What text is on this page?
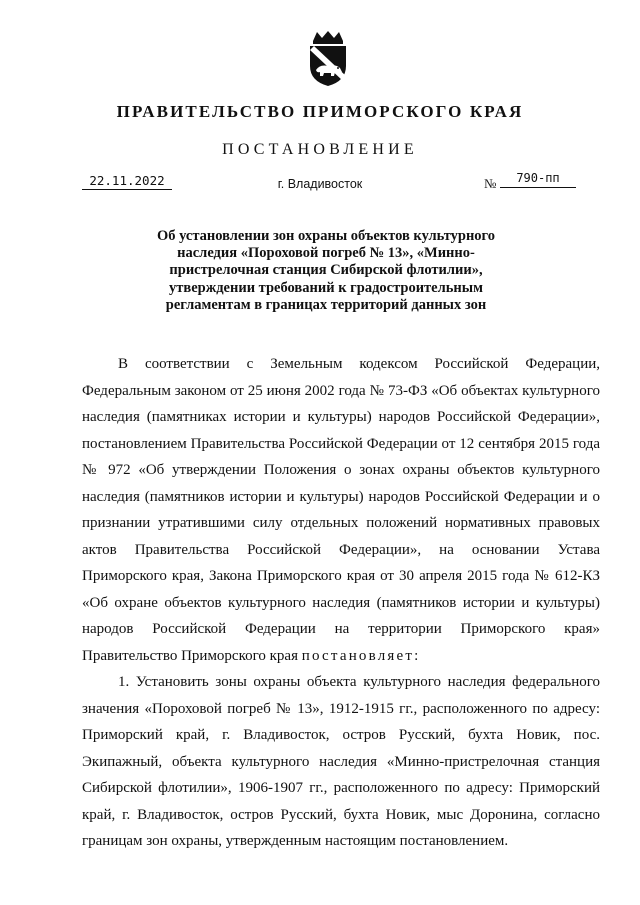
ПРАВИТЕЛЬСТВО ПРИМОРСКОГО КРАЯ
ПОСТАНОВЛЕНИЕ
22.11.2022	г. Владивосток	№	790-пп
Об установлении зон охраны объектов культурного наследия «Пороховой погреб № 13», «Минно-пристрелочная станция Сибирской флотилии», утверждении требований к градостроительным регламентам в границах территорий данных зон

В соответствии с Земельным кодексом Российской Федерации, Федеральным законом от 25 июня 2002 года № 73-ФЗ «Об объектах культурного наследия (памятниках истории и культуры) народов Российской Федерации», постановлением Правительства Российской Федерации от 12 сентября 2015 года № 972 «Об утверждении Положения о зонах охраны объектов культурного наследия (памятников истории и культуры) народов Российской Федерации и о признании утратившими силу отдельных положений нормативных правовых актов Правительства Российской Федерации», на основании Устава Приморского края, Закона Приморского края от 30 апреля 2015 года № 612-КЗ «Об охране объектов культурного наследия (памятников истории и культуры) народов Российской Федерации на территории Приморского края» Правительство Приморского края постановляет:

1. Установить зоны охраны объекта культурного наследия федерального значения «Пороховой погреб № 13», 1912-1915 гг., расположенного по адресу: Приморский край, г. Владивосток, остров Русский, бухта Новик, пос. Экипажный, объекта культурного наследия «Минно-пристрелочная станция Сибирской флотилии», 1906-1907 гг., расположенного по адресу: Приморский край, г. Владивосток, остров Русский, бухта Новик, мыс Доронина, согласно границам зон охраны, утвержденным настоящим постановлением.
